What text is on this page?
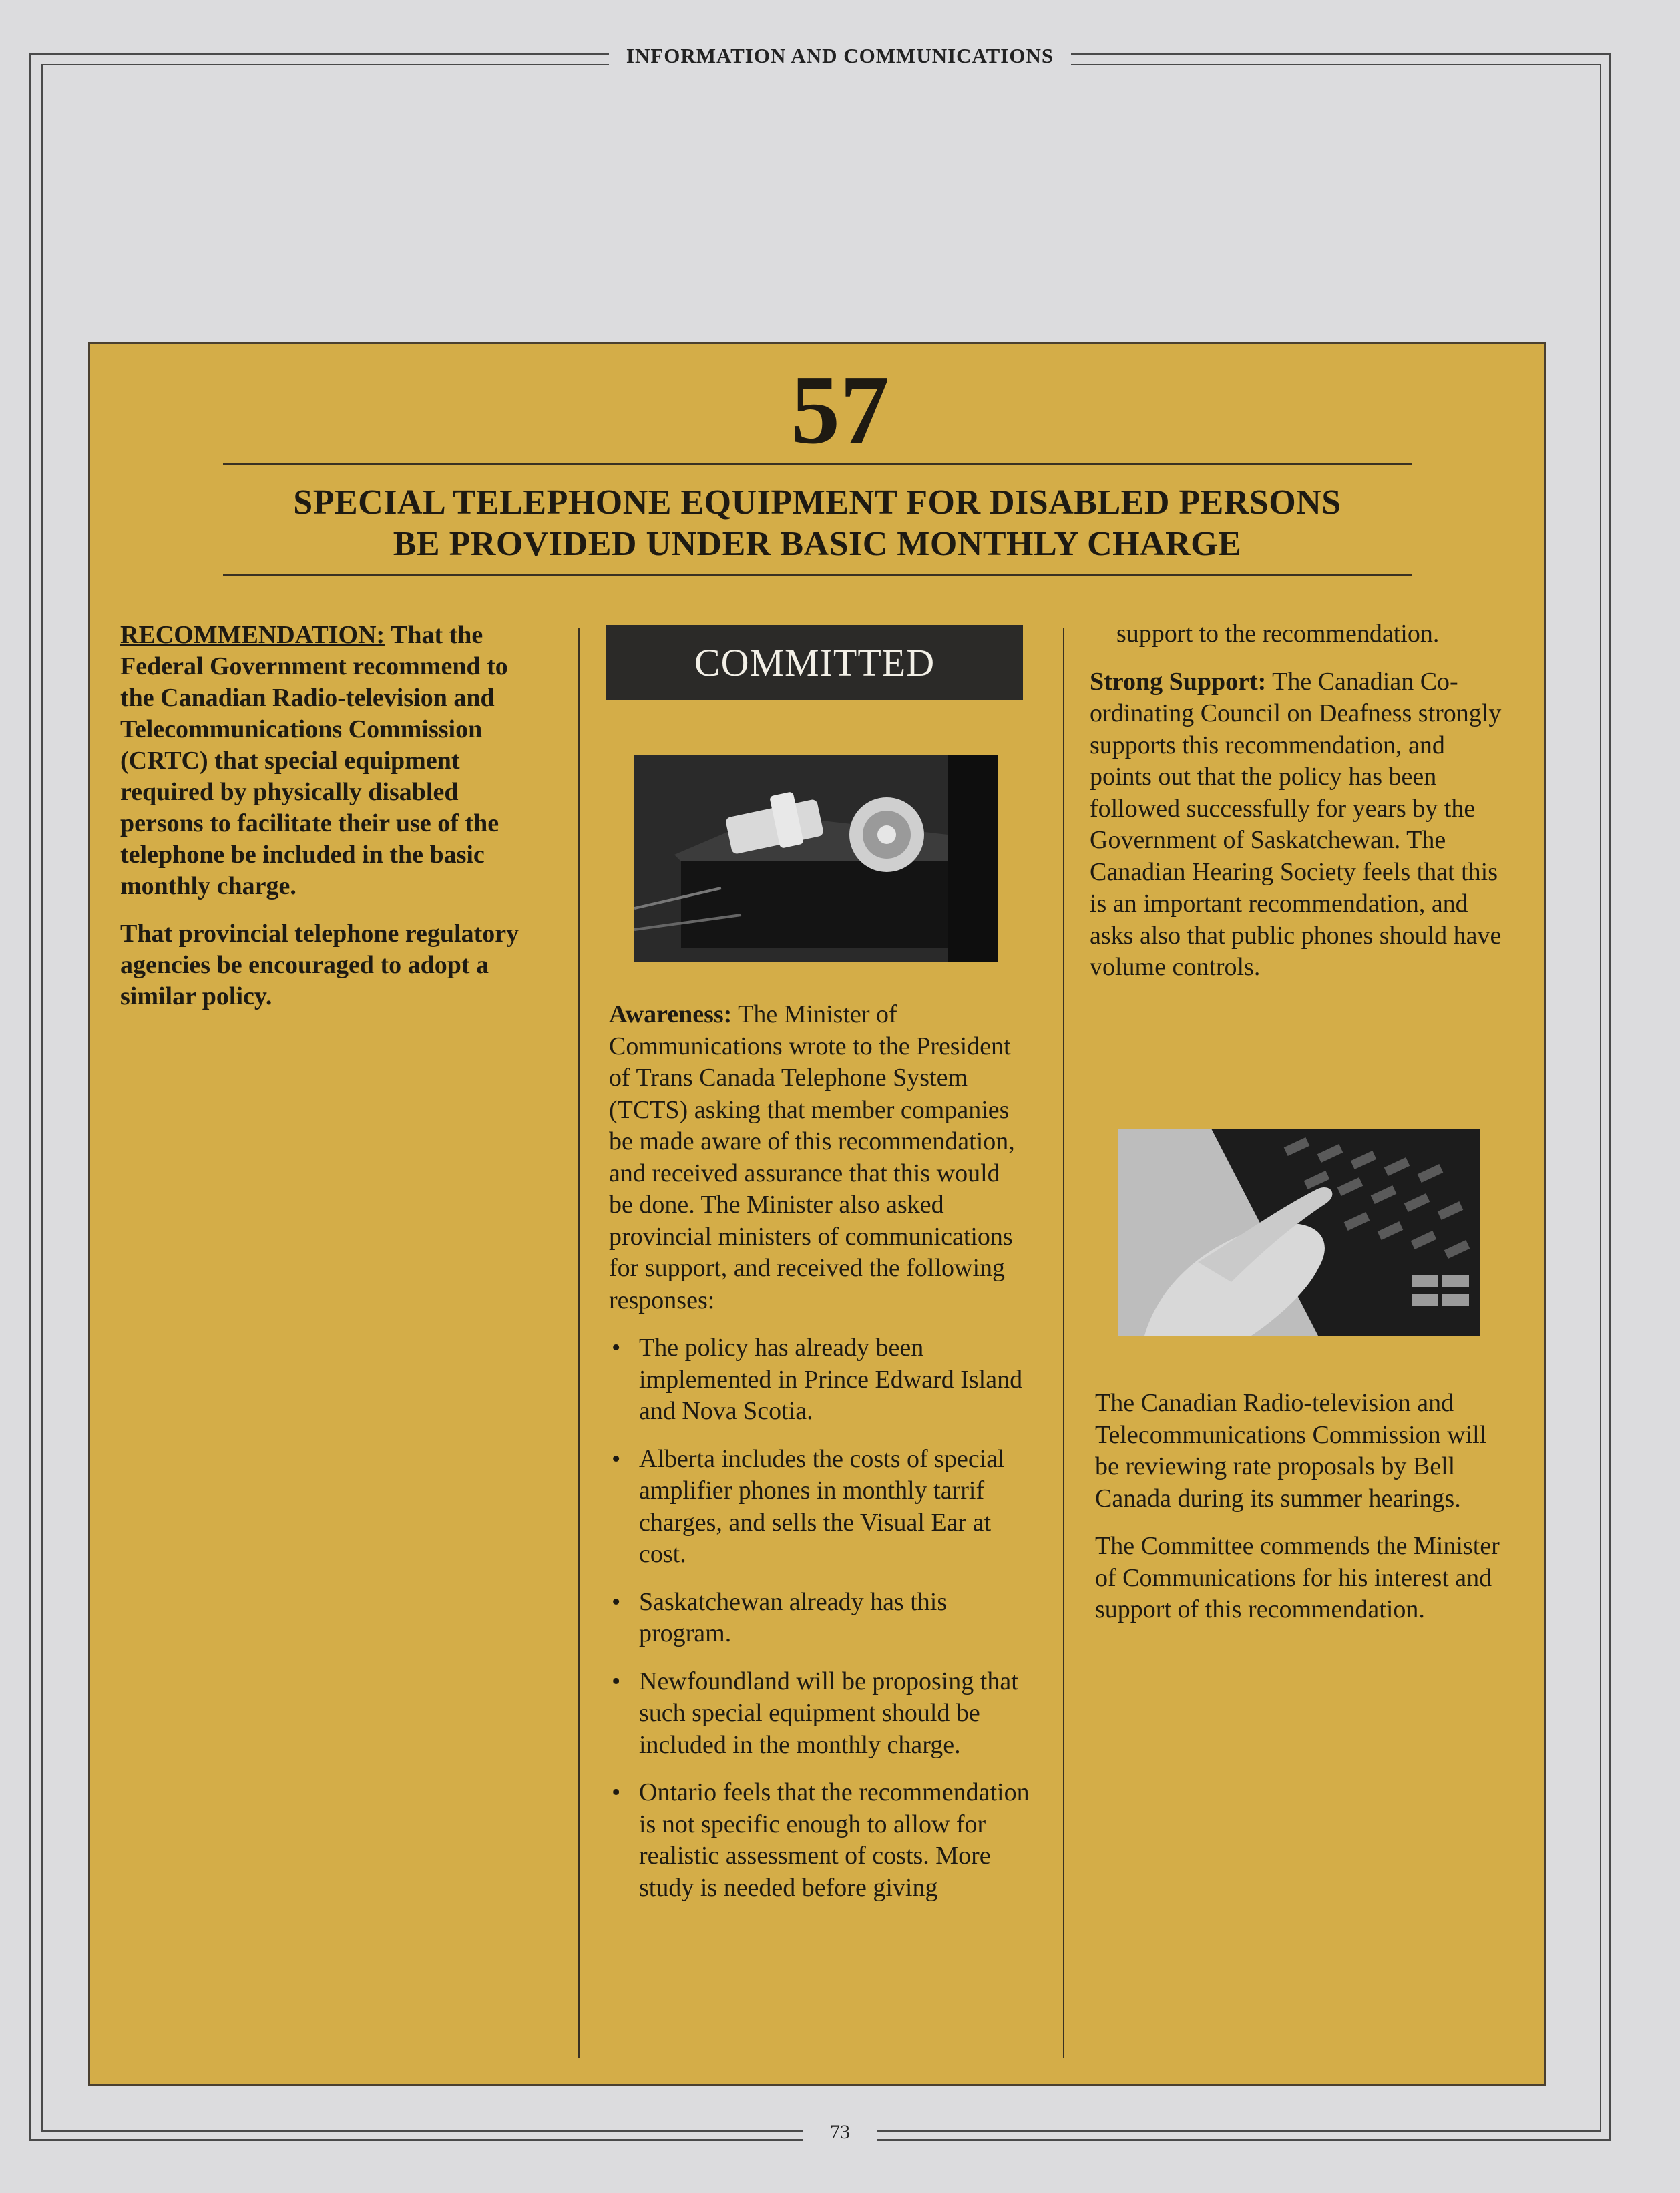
INFORMATION AND COMMUNICATIONS
57
SPECIAL TELEPHONE EQUIPMENT FOR DISABLED PERSONS
BE PROVIDED UNDER BASIC MONTHLY CHARGE

RECOMMENDATION: That the Federal Government recommend to the Canadian Radio-television and Telecommunications Commission (CRTC) that special equipment required by physically disabled persons to facilitate their use of the telephone be included in the basic monthly charge.

That provincial telephone regulatory agencies be encouraged to adopt a similar policy.

COMMITTED

Awareness: The Minister of Communications wrote to the President of Trans Canada Telephone System (TCTS) asking that member companies be made aware of this recommendation, and received assurance that this would be done. The Minister also asked provincial ministers of communications for support, and received the following responses:

• The policy has already been implemented in Prince Edward Island and Nova Scotia.
• Alberta includes the costs of special amplifier phones in monthly tarrif charges, and sells the Visual Ear at cost.
• Saskatchewan already has this program.
• Newfoundland will be proposing that such special equipment should be included in the monthly charge.
• Ontario feels that the recommendation is not specific enough to allow for realistic assessment of costs. More study is needed before giving

support to the recommendation.

Strong Support: The Canadian Co-ordinating Council on Deafness strongly supports this recommendation, and points out that the policy has been followed successfully for years by the Government of Saskatchewan. The Canadian Hearing Society feels that this is an important recommendation, and asks also that public phones should have volume controls.

The Canadian Radio-television and Telecommunications Commission will be reviewing rate proposals by Bell Canada during its summer hearings.

The Committee commends the Minister of Communications for his interest and support of this recommendation.

73
